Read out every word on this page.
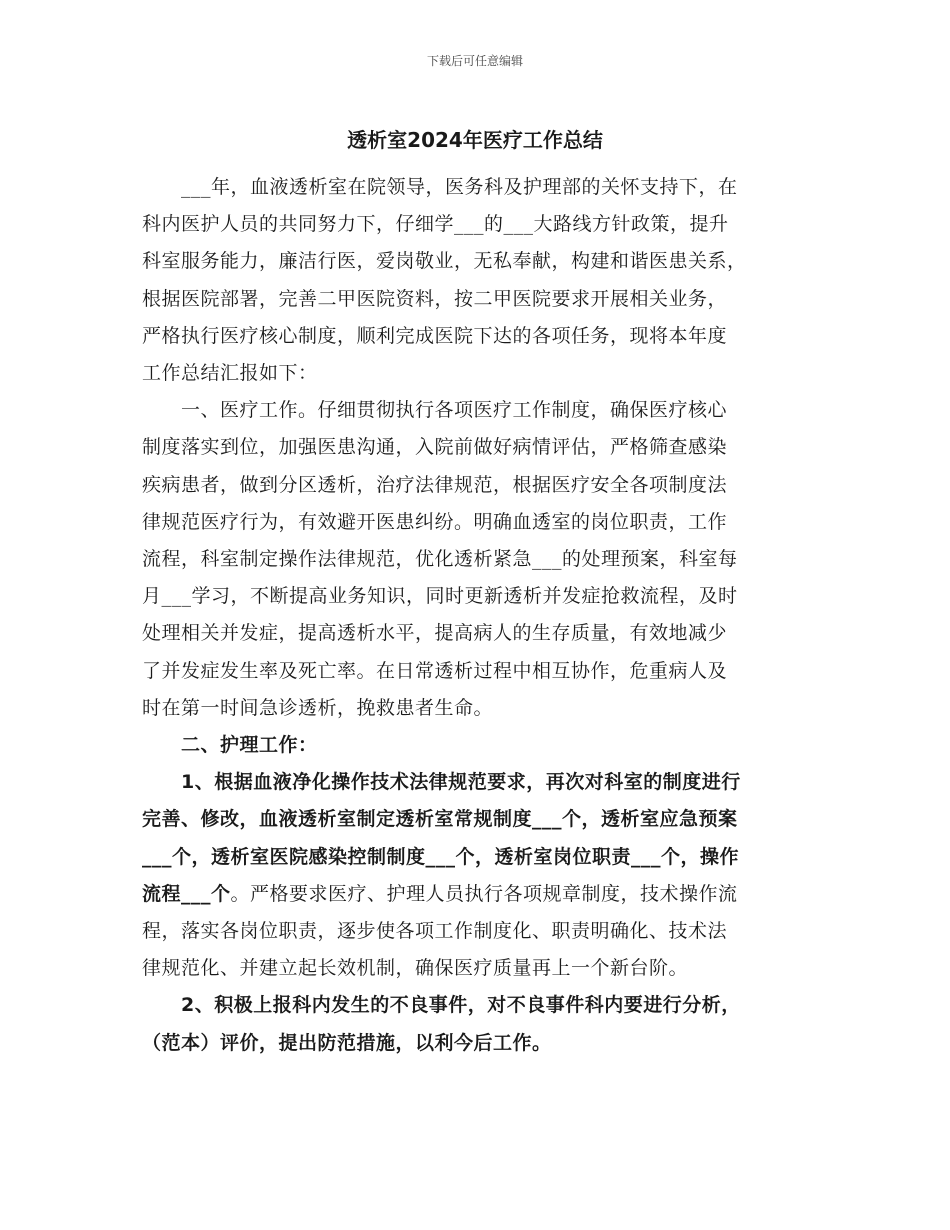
下载后可任意编辑
透析室2024年医疗工作总结
　　___年，血液透析室在院领导，医务科及护理部的关怀支持下，在
科内医护人员的共同努力下，仔细学___的___大路线方针政策，提升
科室服务能力，廉洁行医，爱岗敬业，无私奉献，构建和谐医患关系，
根据医院部署，完善二甲医院资料，按二甲医院要求开展相关业务，
严格执行医疗核心制度，顺利完成医院下达的各项任务，现将本年度
工作总结汇报如下：
　　一、医疗工作。仔细贯彻执行各项医疗工作制度，确保医疗核心
制度落实到位，加强医患沟通，入院前做好病情评估，严格筛查感染
疾病患者，做到分区透析，治疗法律规范，根据医疗安全各项制度法
律规范医疗行为，有效避开医患纠纷。明确血透室的岗位职责，工作
流程，科室制定操作法律规范，优化透析紧急___的处理预案，科室每
月___学习，不断提高业务知识，同时更新透析并发症抢救流程，及时
处理相关并发症，提高透析水平，提高病人的生存质量，有效地减少
了并发症发生率及死亡率。在日常透析过程中相互协作，危重病人及
时在第一时间急诊透析，挽救患者生命。
　　二、护理工作：
　　1、根据血液净化操作技术法律规范要求，再次对科室的制度进行
完善、修改，血液透析室制定透析室常规制度___个，透析室应急预案
___个，透析室医院感染控制制度___个，透析室岗位职责___个，操作
流程___个。严格要求医疗、护理人员执行各项规章制度，技术操作流
程，落实各岗位职责，逐步使各项工作制度化、职责明确化、技术法
律规范化、并建立起长效机制，确保医疗质量再上一个新台阶。
　　2、积极上报科内发生的不良事件，对不良事件科内要进行分析，
（范本）评价，提出防范措施，以利今后工作。
